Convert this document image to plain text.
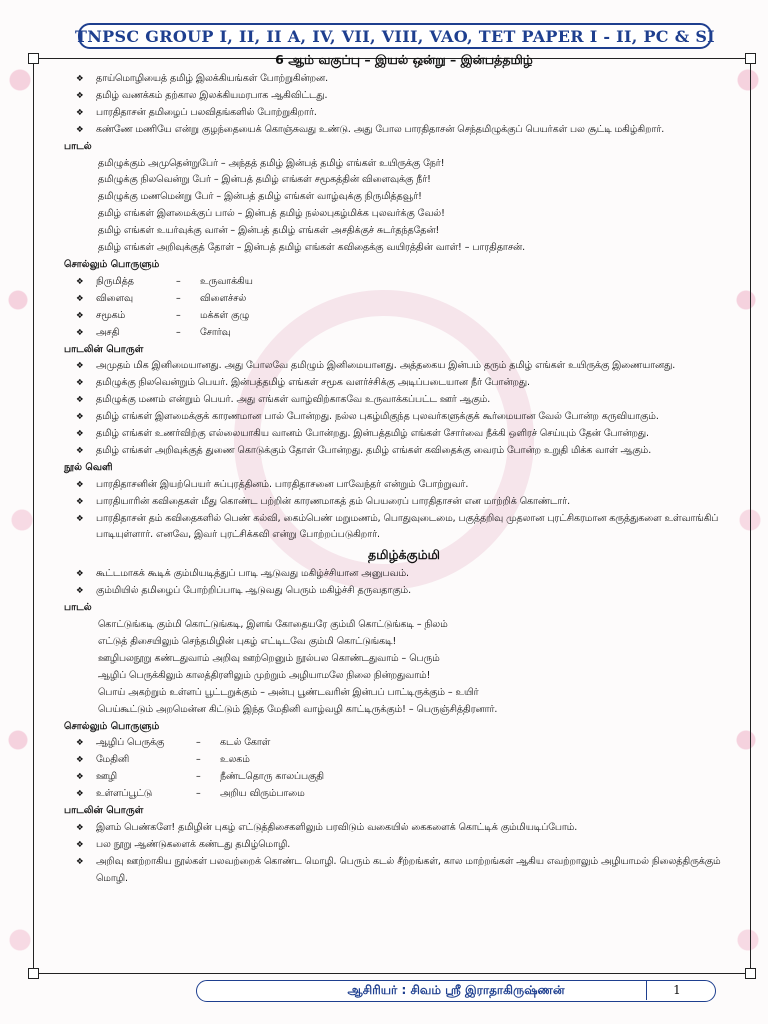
TNPSC GROUP I, II, II A, IV, VII, VIII, VAO, TET PAPER I - II, PC & SI
6 ஆம் வகுப்பு – இயல் ஒன்று – இன்பத்தமிழ்
❖ தாய்மொழியைத் தமிழ் இலக்கியங்கள் போற்றுகின்றன.
❖ தமிழ் வணக்கம் தற்கால இலக்கியமரபாக ஆகிவிட்டது.
❖ பாரதிதாசன் தமிழைப் பலவிதங்களில் போற்றுகிறார்.
❖ கண்ணே மணியே என்று குழந்தையைக் கொஞ்சுவது உண்டு. அது போல பாரதிதாசன் செந்தமிழுக்குப் பெயர்கள் பல சூட்டி மகிழ்கிறார்.
பாடல்
தமிழுக்கும் அமுதென்றுபேர் – அந்தத் தமிழ் இன்பத் தமிழ் எங்கள் உயிருக்கு நேர்!
தமிழுக்கு நிலவென்று பேர் – இன்பத் தமிழ் எங்கள் சமூகத்தின் விளைவுக்கு நீர்!
தமிழுக்கு மணமென்று பேர் – இன்பத் தமிழ் எங்கள் வாழ்வுக்கு நிருமித்தவூர்!
தமிழ் எங்கள் இளமைக்குப் பால் – இன்பத் தமிழ் நல்லபுகழ்மிக்க புலவர்க்கு வேல்!
தமிழ் எங்கள் உயர்வுக்கு வான் – இன்பத் தமிழ் எங்கள் அசதிக்குச் சுடர்தந்ததேன்!
தமிழ் எங்கள் அறிவுக்குத் தோள் – இன்பத் தமிழ் எங்கள் கவிதைக்கு வயிரத்தின் வாள்! – பாரதிதாசன்.
சொல்லும் பொருளும்
❖ நிருமித்த	–	உருவாக்கிய
❖ விளைவு	–	விளைச்சல்
❖ சமூகம்	–	மக்கள் குழு
❖ அசதி	–	சோர்வு
பாடலின் பொருள்
❖ அமுதம் மிக இனிமையானது. அது போலவே தமிழும் இனிமையானது. அத்தகைய இன்பம் தரும் தமிழ் எங்கள் உயிருக்கு இணையானது.
❖ தமிழுக்கு நிலவென்றும் பெயர். இன்பத்தமிழ் எங்கள் சமூக வளர்ச்சிக்கு அடிப்படையான நீர் போன்றது.
❖ தமிழுக்கு மணம் என்றும் பெயர். அது எங்கள் வாழ்விற்காகவே உருவாக்கப்பட்ட ஊர் ஆகும்.
❖ தமிழ் எங்கள் இளமைக்குக் காரணமான பால் போன்றது. நல்ல புகழ்மிகுந்த புலவர்களுக்குக் கூர்மையான வேல் போன்ற கருவியாகும்.
❖ தமிழ் எங்கள் உணர்விற்கு எல்லையாகிய வானம் போன்றது. இன்பத்தமிழ் எங்கள் சோர்வை நீக்கி ஒளிரச் செய்யும் தேன் போன்றது.
❖ தமிழ் எங்கள் அறிவுக்குத் துணை கொடுக்கும் தோள் போன்றது. தமிழ் எங்கள் கவிதைக்கு வைரம் போன்ற உறுதி மிக்க வாள் ஆகும்.
நூல் வெளி
❖ பாரதிதாசனின் இயற்பெயர் சுப்புரத்தினம். பாரதிதாசனை பாவேந்தர் என்றும் போற்றுவர்.
❖ பாரதியாரின் கவிதைகள் மீது கொண்ட பற்றின் காரணமாகத் தம் பெயரைப் பாரதிதாசன் என மாற்றிக் கொண்டார்.
❖ பாரதிதாசன் தம் கவிதைகளில் பெண் கல்வி, கைம்பெண் மறுமணம், பொதுவுடைமை, பகுத்தறிவு முதலான புரட்சிகரமான கருத்துகளை உள்வாங்கிப் பாடியுள்ளார். எனவே, இவர் புரட்சிக்கவி என்று போற்றப்படுகிறார்.
தமிழ்க்கும்மி
❖ கூட்டமாகக் கூடிக் கும்மியடித்துப் பாடி ஆடுவது மகிழ்ச்சியான அனுபவம்.
❖ கும்மியில் தமிழைப் போற்றிப்பாடி ஆடுவது பெரும் மகிழ்ச்சி தருவதாகும்.
பாடல்
கொட்டுங்கடி கும்மி கொட்டுங்கடி, இளங் கோதையரே கும்மி கொட்டுங்கடி – நிலம்
எட்டுத் திசையிலும் செந்தமிழின் புகழ் எட்டிடவே கும்மி கொட்டுங்கடி!
ஊழிபலநூறு கண்டதுவாம் அறிவு ஊற்றெனும் நூல்பல கொண்டதுவாம் – பெரும்
ஆழிப் பெருக்கிலும் காலத்திரளிலும் முற்றும் அழியாமலே நிலை நின்றதுவாம்!
பொய் அகற்றும் உள்ளப் பூட்டறுக்கும் – அன்பு பூண்டவரின் இன்பப் பாட்டிருக்கும் – உயிர்
பெய்கூட்டும் அறமென்ன கிட்டும் இந்த மேதினி வாழ்வழி காட்டிருக்கும்! – பெருஞ்சித்திரனார்.
சொல்லும் பொருளும்
❖ ஆழிப் பெருக்கு	–	கடல் கோள்
❖ மேதினி	–	உலகம்
❖ ஊழி	–	நீண்டதொரு காலப்பகுதி
❖ உள்ளப்பூட்டு	–	அறிய விரும்பாமை
பாடலின் பொருள்
❖ இளம் பெண்களே! தமிழின் புகழ் எட்டுத்திசைகளிலும் பரவிடும் வகையில் கைகளைக் கொட்டிக் கும்மியடிப்போம்.
❖ பல நூறு ஆண்டுகளைக் கண்டது தமிழ்மொழி.
❖ அறிவு ஊற்றாகிய நூல்கள் பலவற்றைக் கொண்ட மொழி. பெரும் கடல் சீற்றங்கள், கால மாற்றங்கள் ஆகிய எவற்றாலும் அழியாமல் நிலைத்திருக்கும் மொழி.
ஆசிரியர் : சிவம் ஸ்ரீ இராதாகிருஷ்ணன்	1
